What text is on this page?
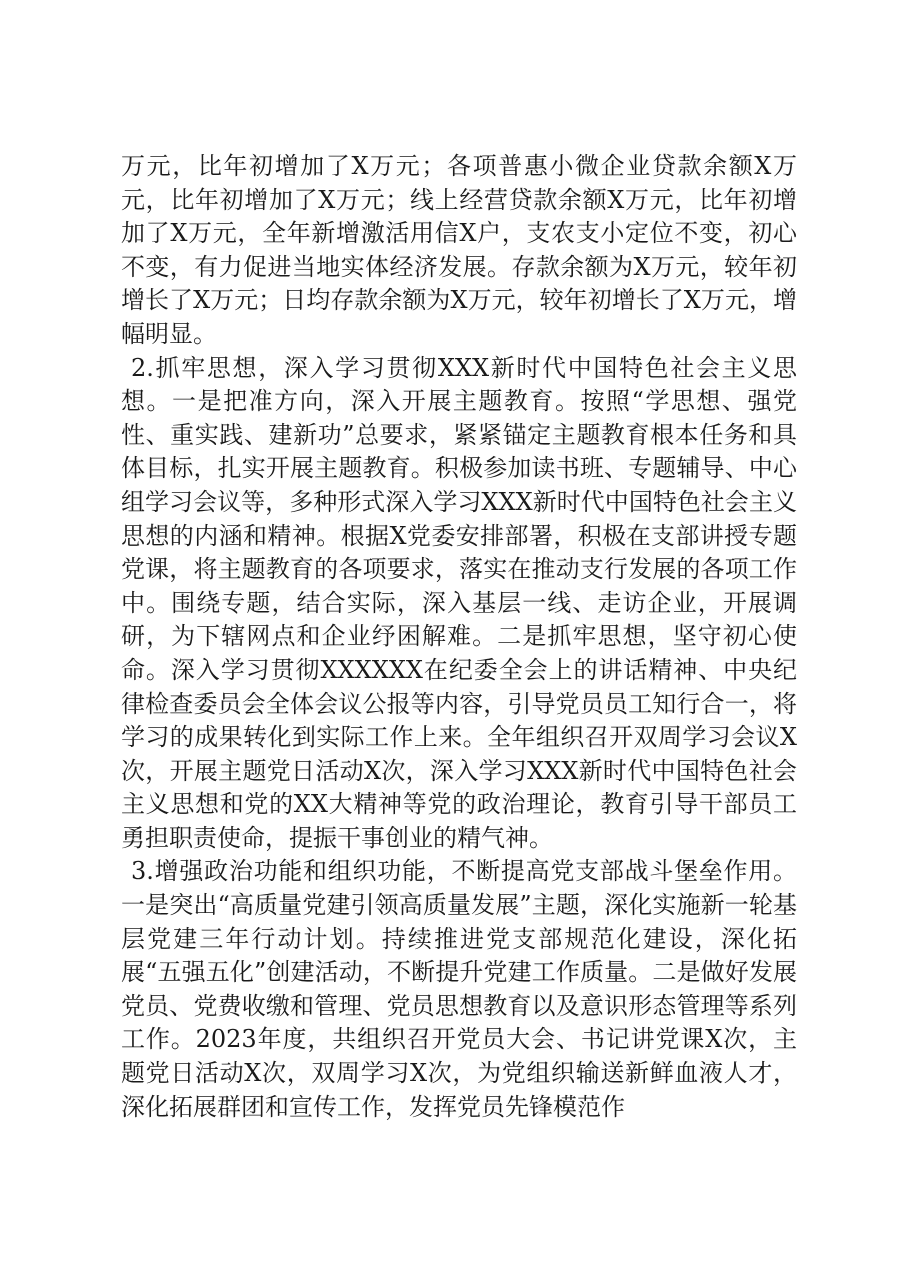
万元，比年初增加了X万元；各项普惠小微企业贷款余额X万元，比年初增加了X万元；线上经营贷款余额X万元，比年初增加了X万元，全年新增激活用信X户，支农支小定位不变，初心不变，有力促进当地实体经济发展。存款余额为X万元，较年初增长了X万元；日均存款余额为X万元，较年初增长了X万元，增幅明显。

2.抓牢思想，深入学习贯彻XXX新时代中国特色社会主义思想。一是把准方向，深入开展主题教育。按照“学思想、强党性、重实践、建新功”总要求，紧紧锚定主题教育根本任务和具体目标，扎实开展主题教育。积极参加读书班、专题辅导、中心组学习会议等，多种形式深入学习XXX新时代中国特色社会主义思想的内涵和精神。根据X党委安排部署，积极在支部讲授专题党课，将主题教育的各项要求，落实在推动支行发展的各项工作中。围绕专题，结合实际，深入基层一线、走访企业，开展调研，为下辖网点和企业纾困解难。二是抓牢思想，坚守初心使命。深入学习贯彻XXXXXX在纪委全会上的讲话精神、中央纪律检查委员会全体会议公报等内容，引导党员员工知行合一，将学习的成果转化到实际工作上来。全年组织召开双周学习会议X次，开展主题党日活动X次，深入学习XXX新时代中国特色社会主义思想和党的XX大精神等党的政治理论，教育引导干部员工勇担职责使命，提振干事创业的精气神。

3.增强政治功能和组织功能，不断提高党支部战斗堡垒作用。一是突出“高质量党建引领高质量发展”主题，深化实施新一轮基层党建三年行动计划。持续推进党支部规范化建设，深化拓展“五强五化”创建活动，不断提升党建工作质量。二是做好发展党员、党费收缴和管理、党员思想教育以及意识形态管理等系列工作。2023年度，共组织召开党员大会、书记讲党课X次，主题党日活动X次，双周学习X次，为党组织输送新鲜血液人才，深化拓展群团和宣传工作，发挥党员先锋模范作
